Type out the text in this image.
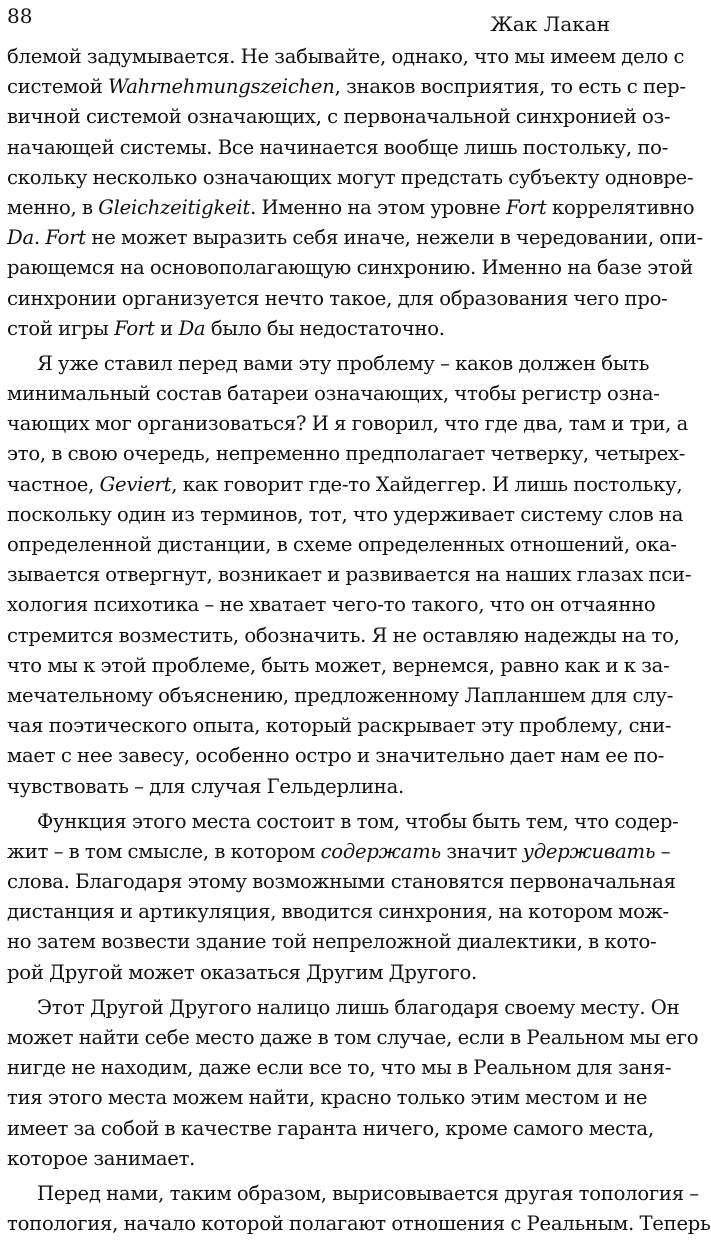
88	Жак Лакан
блемой задумывается. Не забывайте, однако, что мы имеем дело с
системой Wahrnehmungszeichen, знаков восприятия, то есть с пер-
вичной системой означающих, с первоначальной синхронией оз-
начающей системы. Все начинается вообще лишь постольку, по-
скольку несколько означающих могут предстать субъекту одновре-
менно, в Gleichzeitigkeit. Именно на этом уровне Fort коррелятивно
Da. Fort не может выразить себя иначе, нежели в чередовании, опи-
рающемся на основополагающую синхронию. Именно на базе этой
синхронии организуется нечто такое, для образования чего про-
стой игры Fort и Da было бы недостаточно.
Я уже ставил перед вами эту проблему – каков должен быть
минимальный состав батареи означающих, чтобы регистр озна-
чающих мог организоваться? И я говорил, что где два, там и три, а
это, в свою очередь, непременно предполагает четверку, четырех-
частное, Geviert, как говорит где-то Хайдеггер. И лишь постольку,
поскольку один из терминов, тот, что удерживает систему слов на
определенной дистанции, в схеме определенных отношений, ока-
зывается отвергнут, возникает и развивается на наших глазах пси-
хология психотика – не хватает чего-то такого, что он отчаянно
стремится возместить, обозначить. Я не оставляю надежды на то,
что мы к этой проблеме, быть может, вернемся, равно как и к за-
мечательному объяснению, предложенному Лапланшем для слу-
чая поэтического опыта, который раскрывает эту проблему, сни-
мает с нее завесу, особенно остро и значительно дает нам ее по-
чувствовать – для случая Гельдерлина.
Функция этого места состоит в том, чтобы быть тем, что содер-
жит – в том смысле, в котором содержать значит удерживать –
слова. Благодаря этому возможными становятся первоначальная
дистанция и артикуляция, вводится синхрония, на котором мож-
но затем возвести здание той непреложной диалектики, в кото-
рой Другой может оказаться Другим Другого.
Этот Другой Другого налицо лишь благодаря своему месту. Он
может найти себе место даже в том случае, если в Реальном мы его
нигде не находим, даже если все то, что мы в Реальном для заня-
тия этого места можем найти, красно только этим местом и не
имеет за собой в качестве гаранта ничего, кроме самого места,
которое занимает.
Перед нами, таким образом, вырисовывается другая топология –
топология, начало которой полагают отношения с Реальным. Теперь
